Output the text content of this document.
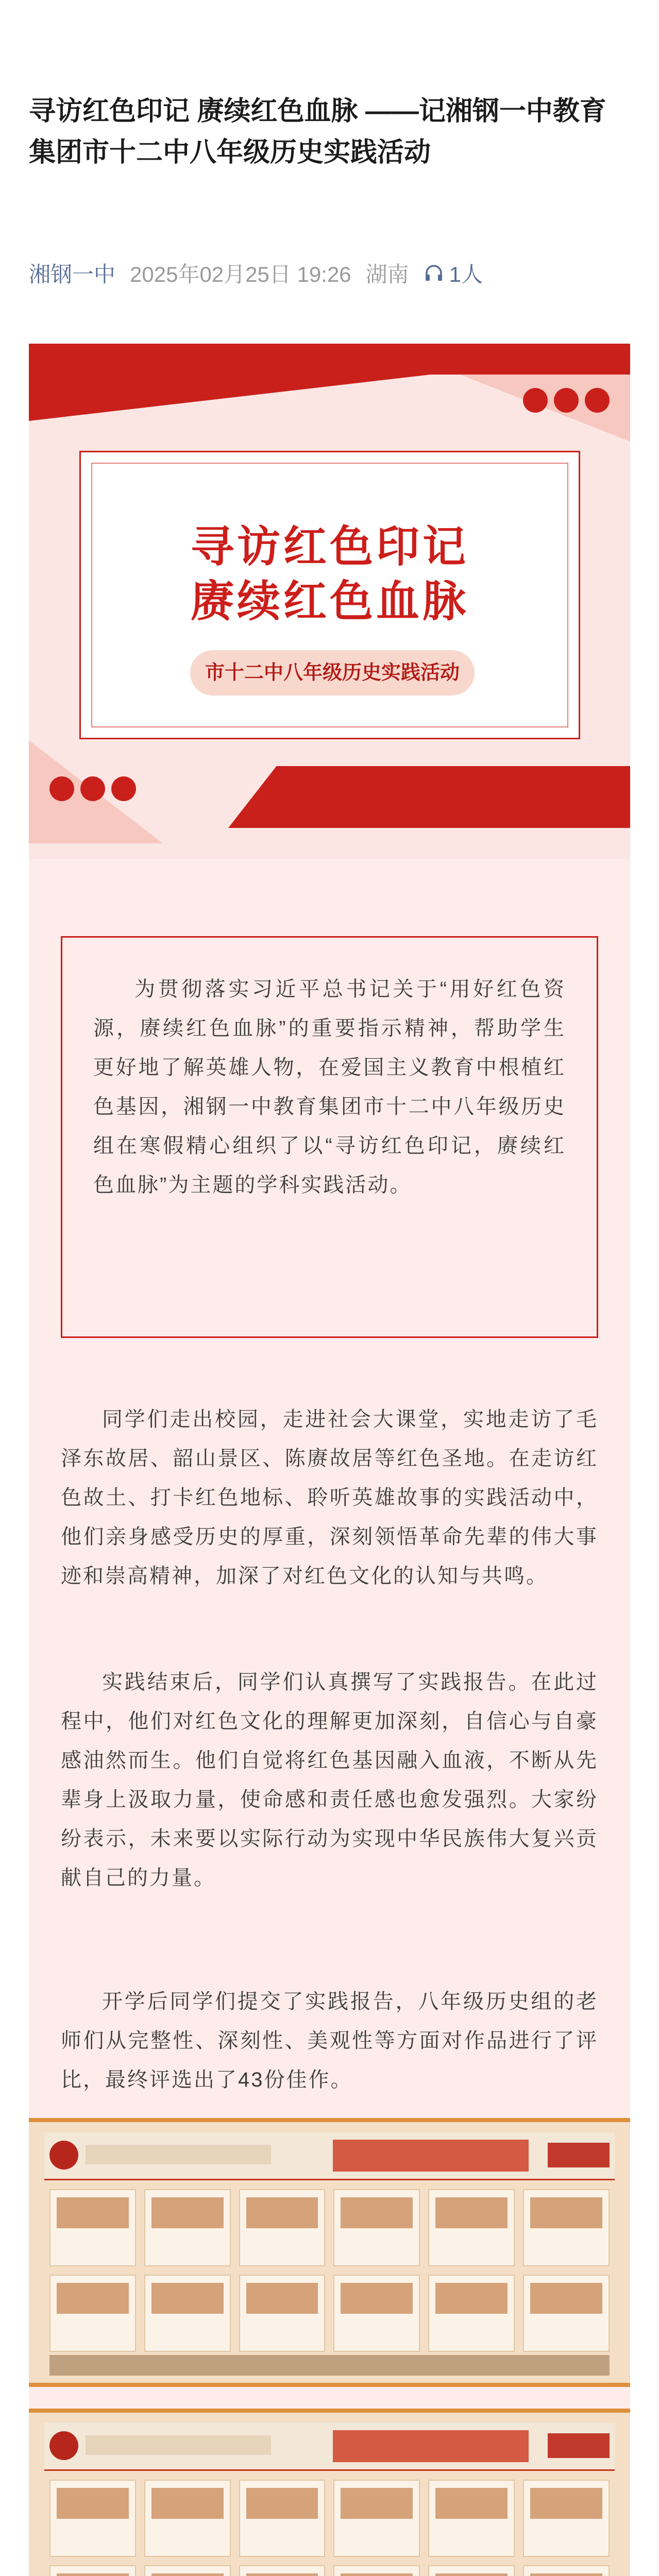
寻访红色印记 赓续红色血脉 ——记湘钢一中教育集团市十二中八年级历史实践活动
湘钢一中 2025年02月25日 19:26 湖南 1人
寻访红色印记
赓续红色血脉
市十二中八年级历史实践活动

为贯彻落实习近平总书记关于“用好红色资源，赓续红色血脉”的重要指示精神，帮助学生更好地了解英雄人物，在爱国主义教育中根植红色基因，湘钢一中教育集团市十二中八年级历史组在寒假精心组织了以“寻访红色印记，赓续红色血脉”为主题的学科实践活动。

同学们走出校园，走进社会大课堂，实地走访了毛泽东故居、韶山景区、陈赓故居等红色圣地。在走访红色故土、打卡红色地标、聆听英雄故事的实践活动中，他们亲身感受历史的厚重，深刻领悟革命先辈的伟大事迹和崇高精神，加深了对红色文化的认知与共鸣。

实践结束后，同学们认真撰写了实践报告。在此过程中，他们对红色文化的理解更加深刻，自信心与自豪感油然而生。他们自觉将红色基因融入血液，不断从先辈身上汲取力量，使命感和责任感也愈发强烈。大家纷纷表示，未来要以实际行动为实现中华民族伟大复兴贡献自己的力量。

开学后同学们提交了实践报告，八年级历史组的老师们从完整性、深刻性、美观性等方面对作品进行了评比，最终评选出了43份佳作。
